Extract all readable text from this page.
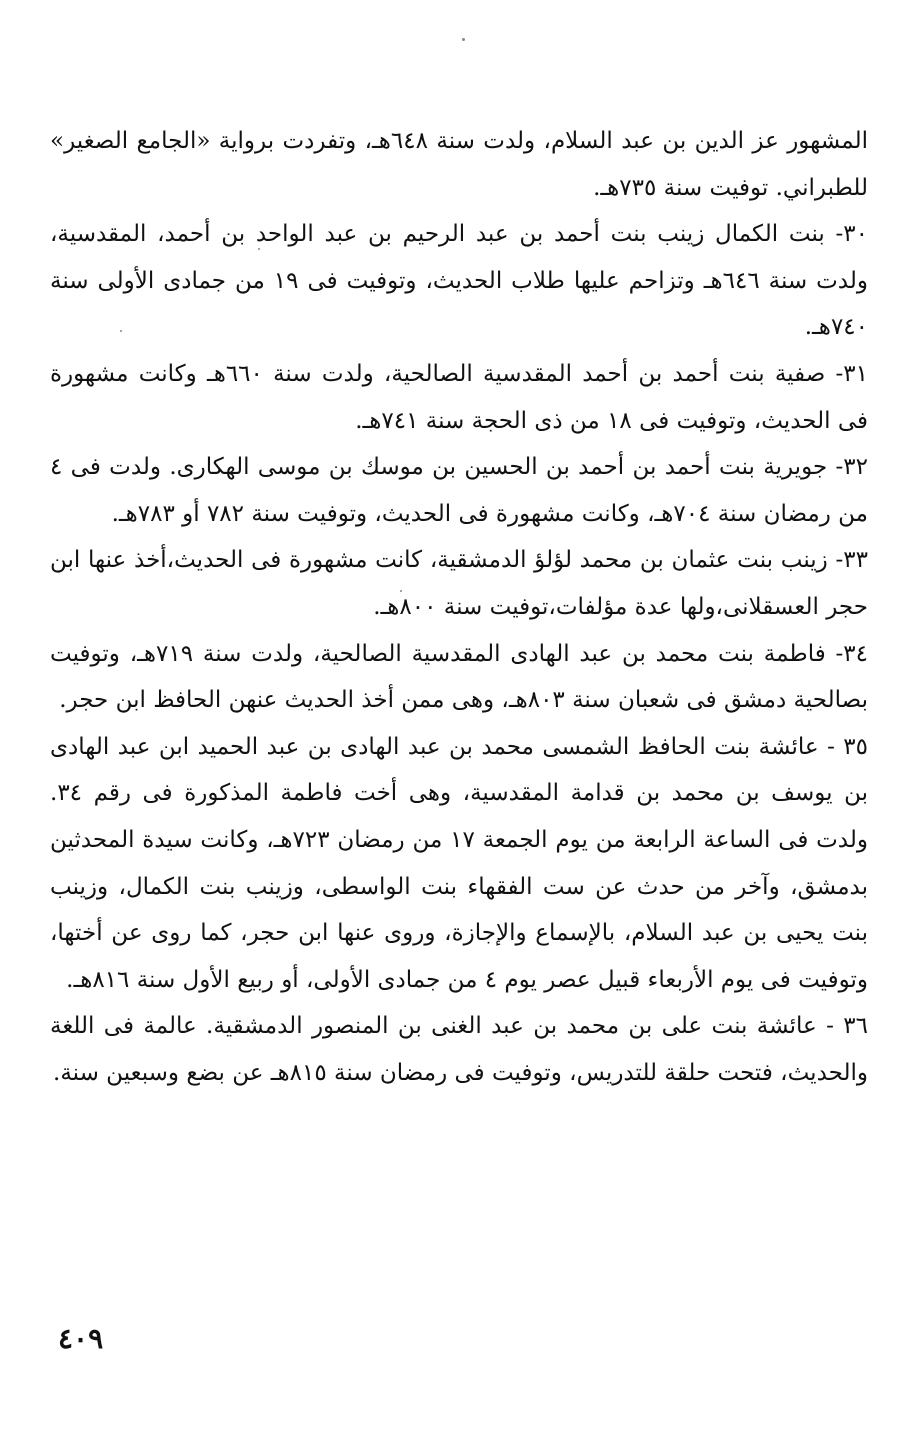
المشهور عز الدين بن عبد السلام، ولدت سنة ٦٤٨هـ، وتفردت برواية «الجامع الصغير» للطبراني. توفيت سنة ٧٣٥هـ.

٣٠- بنت الكمال زينب بنت أحمد بن عبد الرحيم بن عبد الواحد بن أحمد، المقدسية، ولدت سنة ٦٤٦هـ وتزاحم عليها طلاب الحديث، وتوفيت فى ١٩ من جمادى الأولى سنة ٧٤٠هـ.

٣١- صفية بنت أحمد بن أحمد المقدسية الصالحية، ولدت سنة ٦٦٠هـ وكانت مشهورة فى الحديث، وتوفيت فى ١٨ من ذى الحجة سنة ٧٤١هـ.

٣٢- جويرية بنت أحمد بن أحمد بن الحسين بن موسك بن موسى الهكارى. ولدت فى ٤ من رمضان سنة ٧٠٤هـ، وكانت مشهورة فى الحديث، وتوفيت سنة ٧٨٢ أو ٧٨٣هـ.

٣٣- زينب بنت عثمان بن محمد لؤلؤ الدمشقية، كانت مشهورة فى الحديث،أخذ عنها ابن حجر العسقلانى،ولها عدة مؤلفات،توفيت سنة ٨٠٠هـ.

٣٤- فاطمة بنت محمد بن عبد الهادى المقدسية الصالحية، ولدت سنة ٧١٩هـ، وتوفيت بصالحية دمشق فى شعبان سنة ٨٠٣هـ، وهى ممن أخذ الحديث عنهن الحافظ ابن حجر.

٣٥ - عائشة بنت الحافظ الشمسى محمد بن عبد الهادى بن عبد الحميد ابن عبد الهادى بن يوسف بن محمد بن قدامة المقدسية، وهى أخت فاطمة المذكورة فى رقم ٣٤. ولدت فى الساعة الرابعة من يوم الجمعة ١٧ من رمضان ٧٢٣هـ، وكانت سيدة المحدثين بدمشق، وآخر من حدث عن ست الفقهاء بنت الواسطى، وزينب بنت الكمال، وزينب بنت يحيى بن عبد السلام، بالإسماع والإجازة، وروى عنها ابن حجر، كما روى عن أختها، وتوفيت فى يوم الأربعاء قبيل عصر يوم ٤ من جمادى الأولى، أو ربيع الأول سنة ٨١٦هـ.

٣٦ - عائشة بنت على بن محمد بن عبد الغنى بن المنصور الدمشقية. عالمة فى اللغة والحديث، فتحت حلقة للتدريس، وتوفيت فى رمضان سنة ٨١٥هـ عن بضع وسبعين سنة.

٤٠٩
